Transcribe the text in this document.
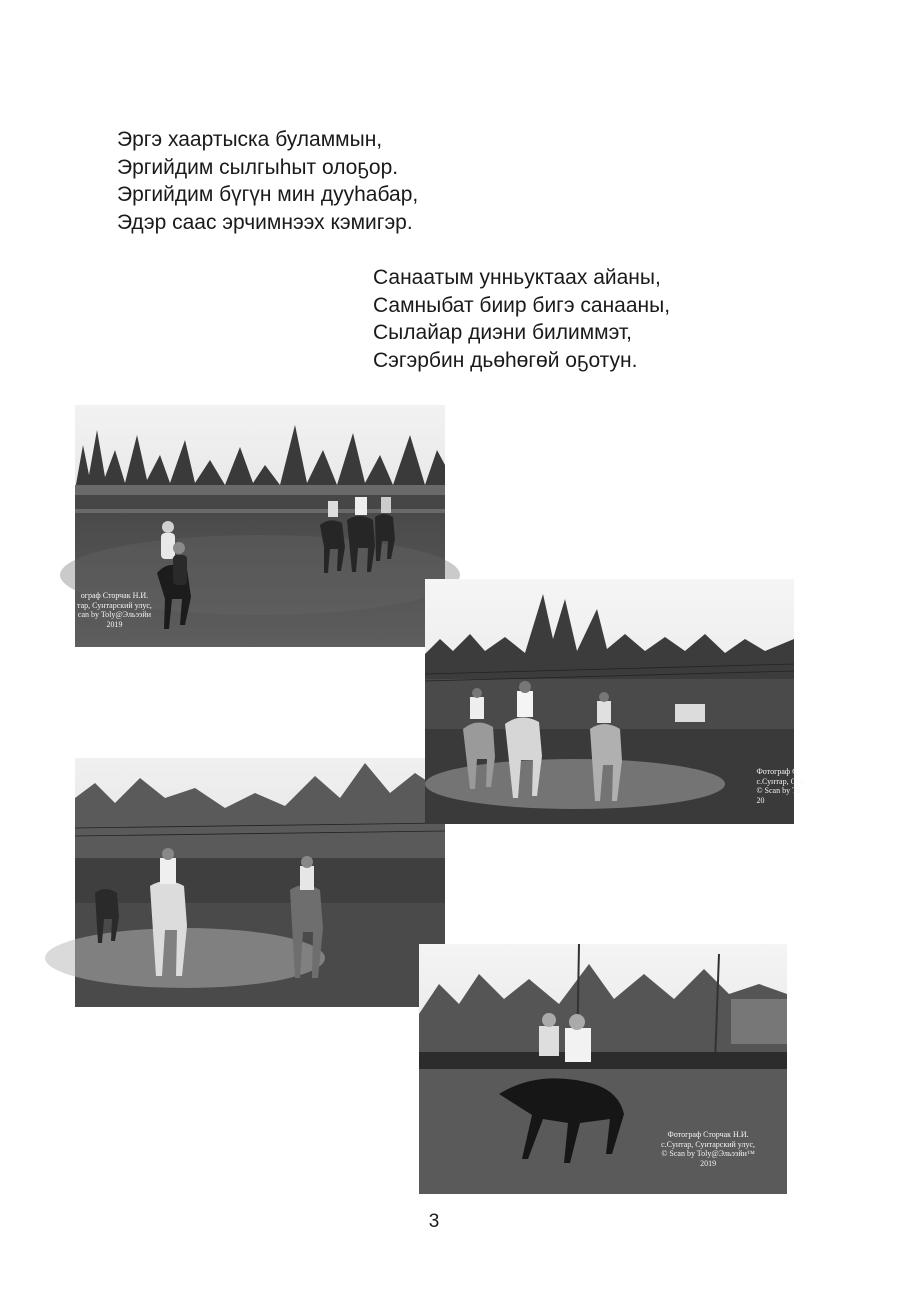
Эргэ хаартыска буламмын,

Эргийдим сылгыһыт олоҕор.

Эргийдим бүгүн мин дууһабар,

Эдэр саас эрчимнээх кэмигэр.

Санаатым унньуктаах айаны,

Самныбат биир бигэ санааны,

Сылайар диэни билиммэт,

Сэгэрбин дьөһөгөй оҕотун.

ограф Сторчак Н.И.
тар, Сунтарский улус,
can by Toly@Эльээйи
2019
Фотограф С
с.Сунтар, Сун
© Scan by To
20
Фотограф Сторчак Н.И.
с.Сунтар, Сунтарский улус,
© Scan by Toly@Эльээйи™
2019
3
